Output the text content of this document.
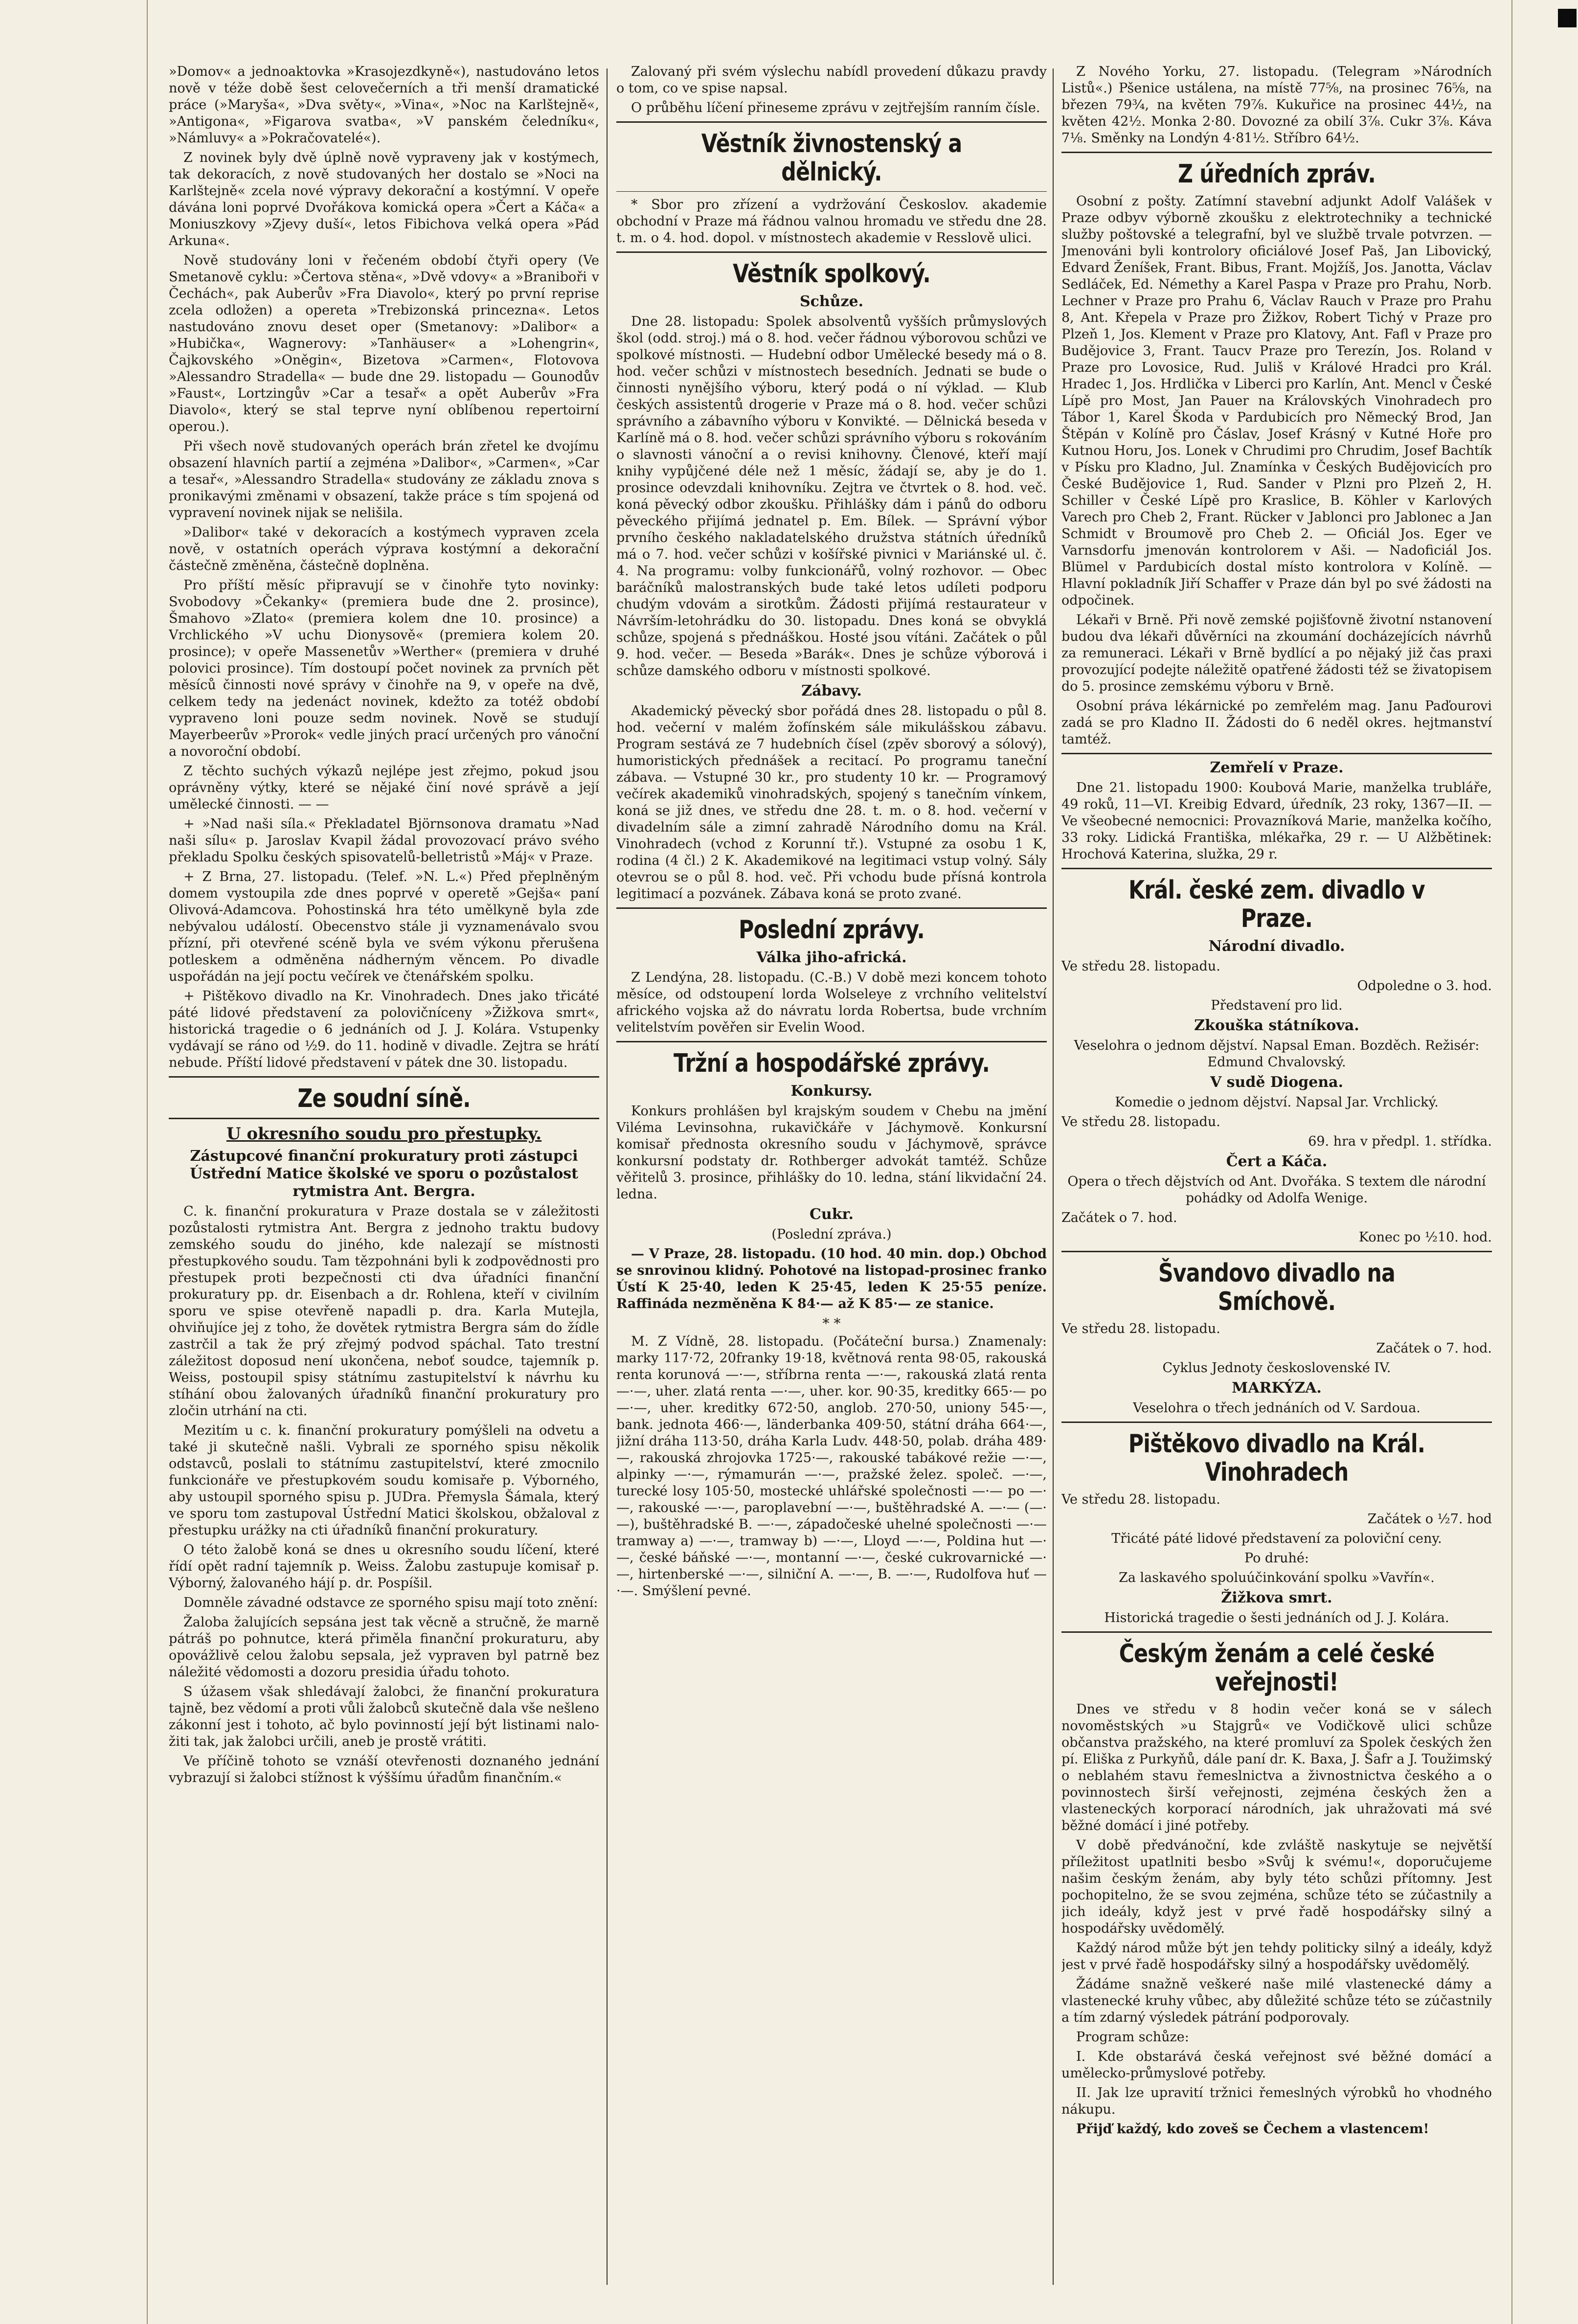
»Domov« a jednoaktovka »Krasojezdkyně«), nastudováno letos nově v téže době šest celovečerních a tři menší dramatické práce (»Maryša«, »Dva světy«, »Vina«, »Noc na Karlštejně«, »Antigona«, »Figarova svatba«, »V panském čeledníku«, »Námluvy« a »Pokračovatelé«).

Z novinek byly dvě úplně nově vypraveny jak v kostýmech, tak dekoracích, z nově studovaných her dostalo se »Noci na Karlštejně« zcela nové výpravy dekorační a kostýmní. V opeře dávána loni poprvé Dvořákova komická opera »Čert a Káča« a Moniuszkovy »Zjevy duší«, letos Fibichova velká opera »Pád Arkuna«.

Nově studovány loni v řečeném období čtyři opery (Ve Smetanově cyklu: »Čertova stěna«, »Dvě vdovy« a »Braniboři v Čechách«, pak Auberův »Fra Diavolo«, který po první reprise zcela odložen) a opereta »Trebizonská princezna«. Letos nastudováno znovu deset oper (Smetanovy: »Dalibor« a »Hubička«, Wagnerovy: »Tanhäuser« a »Lohengrin«, Čajkovského »Oněgin«, Bizetova »Carmen«, Flotovova »Alessandro Stradella« — bude dne 29. listopadu — Gounodův »Faust«, Lortzingův »Car a tesař« a opět Auberův »Fra Diavolo«, který se stal teprve nyní oblíbenou repertoirní operou.).

Při všech nově studovaných operách brán zřetel ke dvojímu obsazení hlavních partií a zejména »Dalibor«, »Carmen«, »Car a tesař«, »Alessandro Stradella« studovány ze základu znova s pronikavými změnami v obsazení, takže práce s tím spojená od vypravení novinek nijak se nelišila.

»Dalibor« také v dekoracích a kostýmech vypraven zcela nově, v ostatních operách výprava kostýmní a dekorační částečně změněna, částečně doplněna.

Pro příští měsíc připravují se v činohře tyto novinky: Svobodovy »Čekanky« (premiera bude dne 2. prosince), Šmahovo »Zlato« (premiera kolem dne 10. prosince) a Vrchlického »V uchu Dionysově« (premiera kolem 20. prosince); v opeře Massenetův »Werther« (premiera v druhé polovici prosince). Tím dostoupí počet novinek za prvních pět měsíců činnosti nové správy v činohře na 9, v opeře na dvě, celkem tedy na jedenáct novinek, kdežto za totéž období vypraveno loni pouze sedm novinek. Nově se studují Mayerbeerův »Prorok« vedle jiných prací určených pro vánoční a novoroční období.

Z těchto suchých výkazů nejlépe jest zřejmo, pokud jsou oprávněny výtky, které se nějaké činí nové správě a její umělecké činnosti. — —

+ »Nad naši síla.« Překladatel Björnsonova dramatu »Nad naši sílu« p. Jaroslav Kvapil žádal provozovací právo svého překladu Spolku českých spisovatelů-belletristů »Máj« v Praze.

+ Z Brna, 27. listopadu. (Telef. »N. L.«) Před přeplněným domem vystoupila zde dnes poprvé v operetě »Gejša« paní Olivová-Adamcova. Pohostinská hra této umělkyně byla zde nebývalou událostí. Obecenstvo stále ji vyznamenávalo svou přízní, při otevřené scéně byla ve svém výkonu přerušena potleskem a odměněna nádherným věncem. Po divadle uspořádán na její poctu večírek ve čtenářském spolku.

+ Pištěkovo divadlo na Kr. Vinohradech. Dnes jako třicáté páté lidové představení za polovičníceny »Žižkova smrt«, historická tragedie o 6 jednáních od J. J. Kolára. Vstupenky vydávají se ráno od ½9. do 11. hodině v divadle. Zejtra se hrátí nebude. Příští lidové představení v pátek dne 30. listopadu.

Ze soudní síně.
U okresního soudu pro přestupky.
Zástupcové finanční prokuratury proti zástupci Ústřední Matice školské ve sporu o pozůstalost rytmistra Ant. Bergra.

C. k. finanční prokuratura v Praze dostala se v záležitosti pozůstalosti rytmistra Ant. Bergra z jednoho traktu budovy zemského soudu do jiného, kde nalezají se místnosti přestupkového soudu. Tam tězpohnáni byli k zodpovědnosti pro přestupek proti bezpečnosti cti dva úřadníci finanční prokuratury pp. dr. Eisenbach a dr. Rohlena, kteří v civilním sporu ve spise otevřeně napadli p. dra. Karla Mutejla, ohviňujíce jej z toho, že dovětek rytmistra Bergra sám do žídle zastrčil a tak že prý zřejmý podvod spáchal. Tato trestní záležitost doposud není ukončena, neboť soudce, tajemník p. Weiss, postoupil spisy státnímu zastupitelství k návrhu ku stíhání obou žalovaných úřadníků finanční prokuratury pro zločin utrhání na cti.

Mezitím u c. k. finanční prokuratury pomýšleli na odvetu a také ji skutečně našli. Vybrali ze sporného spisu několik odstavců, poslali to státnímu zastupitelství, které zmocnilo funkcionáře ve přestupkovém soudu komisaře p. Výborného, aby ustoupil sporného spisu p. JUDra. Přemysla Šámala, který ve sporu tom zastupoval Ústřední Matici školskou, obžaloval z přestupku urážky na cti úřadníků finanční prokuratury.

O této žalobě koná se dnes u okresního soudu líčení, které řídí opět radní tajemník p. Weiss. Žalobu zastupuje komisař p. Výborný, žalovaného hájí p. dr. Pospíšil.

Domněle závadné odstavce ze sporného spisu mají toto znění:

Žaloba žalujících sepsána jest tak věcně a stručně, že marně pátráš po pohnutce, která přiměla finanční prokuraturu, aby opovážlivě celou žalobu sepsala, jež vypraven byl patrně bez náležité vědomosti a dozoru presidia úřadu tohoto.

S úžasem však shledávají žalobci, že finanční prokuratura tajně, bez vědomí a proti vůli žalobců skutečně dala vše nešleno zákonní jest i tohoto, ač bylo povinností její být listinami naložiti tak, jak žalobci určili, aneb je prostě vrátiti.

Ve příčině tohoto se vznáší otevřenosti doznaného jednání vybrazují si žalobci stížnost k výššímu úřadům finančním.«

Zalovaný při svém výslechu nabídl provedení důkazu pravdy o tom, co ve spise napsal.

O průběhu líčení přineseme zprávu v zejtřejším ranním čísle.

Věstník živnostenský a dělnický.

* Sbor pro zřízení a vydržování Českoslov. akademie obchodní v Praze má řádnou valnou hromadu ve středu dne 28. t. m. o 4. hod. dopol. v místnostech akademie v Resslově ulici.

Věstník spolkový.
Schůze.

Dne 28. listopadu: Spolek absolventů vyšších průmyslových škol (odd. stroj.) má o 8. hod. večer řádnou výborovou schůzi ve spolkové místnosti. — Hudební odbor Umělecké besedy má o 8. hod. večer schůzi v místnostech besedních. Jednati se bude o činnosti nynějšího výboru, který podá o ní výklad. — Klub českých assistentů drogerie v Praze má o 8. hod. večer schůzi správního a zábavního výboru v Konvikté. — Dělnická beseda v Karlíně má o 8. hod. večer schůzi správního výboru s rokováním o slavnosti vánoční a o revisi knihovny. Členové, kteří mají knihy vypůjčené déle než 1 měsíc, žádají se, aby je do 1. prosince odevzdali knihovníku. Zejtra ve čtvrtek o 8. hod. več. koná pěvecký odbor zkoušku. Přihlášky dám i pánů do odboru pěveckého přijímá jednatel p. Em. Bílek. — Správní výbor prvního českého nakladatelského družstva státních úředníků má o 7. hod. večer schůzi v košířské pivnici v Mariánské ul. č. 4. Na programu: volby funkcionářů, volný rozhovor. — Obec baráčníků malostranských bude také letos udíleti podporu chudým vdovám a sirotkům. Žádosti přijímá restaurateur v Návrším-letohrádku do 30. listopadu. Dnes koná se obvyklá schůze, spojená s přednáškou. Hosté jsou vítáni. Začátek o půl 9. hod. večer. — Beseda »Barák«. Dnes je schůze výborová i schůze damského odboru v místnosti spolkové.

Zábavy.

Akademický pěvecký sbor pořádá dnes 28. listopadu o půl 8. hod. večerní v malém žofínském sále mikulášskou zábavu. Program sestává ze 7 hudebních čísel (zpěv sborový a sólový), humoristických přednášek a recitací. Po programu taneční zábava. — Vstupné 30 kr., pro studenty 10 kr. — Programový večírek akademiků vinohradských, spojený s tanečním vínkem, koná se již dnes, ve středu dne 28. t. m. o 8. hod. večerní v divadelním sále a zimní zahradě Národního domu na Král. Vinohradech (vchod z Korunní tř.). Vstupné za osobu 1 K, rodina (4 čl.) 2 K. Akademikové na legitimaci vstup volný. Sály otevrou se o půl 8. hod. več. Při vchodu bude přísná kontrola legitimací a pozvánek. Zábava koná se proto zvané.

Poslední zprávy.
Válka jiho-africká.

Z Lendýna, 28. listopadu. (C.-B.) V době mezi koncem tohoto měsíce, od odstoupení lorda Wolseleye z vrchního velitelství afrického vojska až do návratu lorda Robertsa, bude vrchním velitelstvím pověřen sir Evelin Wood.

Tržní a hospodářské zprávy.
Konkursy.

Konkurs prohlášen byl krajským soudem v Chebu na jmění Viléma Levinsohna, rukavičkáře v Jáchymově. Konkursní komisař přednosta okresního soudu v Jáchymově, správce konkursní podstaty dr. Rothberger advokát tamtéž. Schůze věřitelů 3. prosince, přihlášky do 10. ledna, stání likvidační 24. ledna.

Cukr.

(Poslední zpráva.)

— V Praze, 28. listopadu. (10 hod. 40 min. dop.) Obchod se snrovinou klidný. Pohotové na listopad-prosinec franko Ústí K 25·40, leden K 25·45, leden K 25·55 peníze. Raffináda nezměněna K 84·— až K 85·— ze stanice.

* *

M. Z Vídně, 28. listopadu. (Počáteční bursa.) Znamenaly: marky 117·72, 20franky 19·18, květnová renta 98·05, rakouská renta korunová —·—, stříbrna renta —·—, rakouská zlatá renta —·—, uher. zlatá renta —·—, uher. kor. 90·35, kreditky 665·— po —·—, uher. kreditky 672·50, anglob. 270·50, uniony 545·—, bank. jednota 466·—, länderbanka 409·50, státní dráha 664·—, jižní dráha 113·50, dráha Karla Ludv. 448·50, polab. dráha 489·—, rakouská zhrojovka 1725·—, rakouské tabákové režie —·—, alpinky —·—, rýmamurán —·—, pražské želez. společ. —·—, turecké losy 105·50, mostecké uhlářské společnosti —·— po —·—, rakouské —·—, paroplavební —·—, buštěhradské A. —·— (—·—), buštěhradské B. —·—, západočeské uhelné společnosti —·— tramway a) —·—, tramway b) —·—, Lloyd —·—, Poldina hut —·—, české báňské —·—, montanní —·—, české cukrovarnické —·—, hirtenberské —·—, silniční A. —·—, B. —·—, Rudolfova huť —·—. Smýšlení pevné.

Z Nového Yorku, 27. listopadu. (Telegram »Národních Listů«.) Pšenice ustálena, na místě 77⅝, na prosinec 76⅝, na březen 79¾, na květen 79⅞. Kukuřice na prosinec 44½, na květen 42½. Monka 2·80. Dovozné za obilí 3⅞. Cukr 3⅞. Káva 7⅛. Směnky na Londýn 4·81½. Stříbro 64½.

Z úředních zpráv.

Osobní z pošty. Zatímní stavební adjunkt Adolf Valášek v Praze odbyv výborně zkoušku z elektrotechniky a technické služby poštovské a telegrafní, byl ve službě trvale potvrzen. — Jmenováni byli kontrolory oficiálové Josef Paš, Jan Libovický, Edvard Ženíšek, Frant. Bibus, Frant. Mojžíš, Jos. Janotta, Václav Sedláček, Ed. Némethy a Karel Paspa v Praze pro Prahu, Norb. Lechner v Praze pro Prahu 6, Václav Rauch v Praze pro Prahu 8, Ant. Křepela v Praze pro Žižkov, Robert Tichý v Praze pro Plzeň 1, Jos. Klement v Praze pro Klatovy, Ant. Fafl v Praze pro Budějovice 3, Frant. Taucv Praze pro Terezín, Jos. Roland v Praze pro Lovosice, Rud. Juliš v Králové Hradci pro Král. Hradec 1, Jos. Hrdlička v Liberci pro Karlín, Ant. Mencl v České Lípě pro Most, Jan Pauer na Královských Vinohradech pro Tábor 1, Karel Škoda v Pardubicích pro Německý Brod, Jan Štěpán v Kolíně pro Čáslav, Josef Krásný v Kutné Hoře pro Kutnou Horu, Jos. Lonek v Chrudimi pro Chrudim, Josef Bachtík v Písku pro Kladno, Jul. Znamínka v Českých Budějovicích pro České Budějovice 1, Rud. Sander v Plzni pro Plzeň 2, H. Schiller v České Lípě pro Kraslice, B. Köhler v Karlových Varech pro Cheb 2, Frant. Rücker v Jablonci pro Jablonec a Jan Schmidt v Broumově pro Cheb 2. — Oficiál Jos. Eger ve Varnsdorfu jmenován kontrolorem v Aši. — Nadoficiál Jos. Blümel v Pardubicích dostal místo kontrolora v Kolíně. — Hlavní pokladník Jiří Schaffer v Praze dán byl po své žádosti na odpočinek.

Lékaři v Brně. Při nově zemské pojišťovně životní nstanovení budou dva lékaři důvěrníci na zkoumání docházejících návrhů za remuneraci. Lékaři v Brně bydlící a po nějaký již čas praxi provozující podejte náležitě opatřené žádosti též se živatopisem do 5. prosince zemskému výboru v Brně.

Osobní práva lékárnické po zemřelém mag. Janu Paďourovi zadá se pro Kladno II. Žádosti do 6 neděl okres. hejtmanství tamtéž.

Zemřelí v Praze.

Dne 21. listopadu 1900: Koubová Marie, manželka trubláře, 49 roků, 11—VI. Kreibig Edvard, úředník, 23 roky, 1367—II. — Ve všeobecné nemocnici: Provazníková Marie, manželka kočího, 33 roky. Lidická Františka, mlékařka, 29 r. — U Alžbětinek: Hrochová Katerina, služka, 29 r.

Král. české zem. divadlo v Praze.
Národní divadlo.

Ve středu 28. listopadu.

Odpoledne o 3. hod.

Představení pro lid.

Zkouška státníkova.

Veselohra o jednom dějství. Napsal Eman. Bozděch. Režisér: Edmund Chvalovský.

V sudě Diogena.

Komedie o jednom dějství. Napsal Jar. Vrchlický.

Ve středu 28. listopadu.

69. hra v předpl. 1. střídka.

Čert a Káča.

Opera o třech dějstvích od Ant. Dvořáka. S textem dle národní pohádky od Adolfa Wenige.

Začátek o 7. hod.

Konec po ½10. hod.

Švandovo divadlo na Smíchově.

Ve středu 28. listopadu.

Začátek o 7. hod.

Cyklus Jednoty československé IV.

MARKÝZA.

Veselohra o třech jednáních od V. Sardoua.

Pištěkovo divadlo na Král. Vinohradech

Ve středu 28. listopadu.

Začátek o ½7. hod

Třicáté páté lidové představení za poloviční ceny.

Po druhé:

Za laskavého spoluúčinkování spolku »Vavřín«.

Žižkova smrt.

Historická tragedie o šesti jednáních od J. J. Kolára.

Českým ženám a celé české veřejnosti!

Dnes ve středu v 8 hodin večer koná se v sálech novoměstských »u Stajgrů« ve Vodičkově ulici schůze občanstva pražského, na které promluví za Spolek českých žen pí. Eliška z Purkyňů, dále paní dr. K. Baxa, J. Šafr a J. Toužimský o neblahém stavu řemeslnictva a živnostnictva českého a o povinnostech širší veřejnosti, zejména českých žen a vlasteneckých korporací národních, jak uhražovati má své běžné domácí i jiné potřeby.

V době předvánoční, kde zvláště naskytuje se největší příležitost upatlniti besbo »Svůj k svému!«, doporučujeme našim českým ženám, aby byly této schůzi přítomny. Jest pochopitelno, že se svou zejména, schůze této se zúčastnily a jich ideály, když jest v prvé řadě hospodářsky silný a hospodářsky uvědomělý.

Každý národ může být jen tehdy politicky silný a ideály, když jest v prvé řadě hospodářsky silný a hospodářsky uvědomělý.

Žádáme snažně veškeré naše milé vlastenecké dámy a vlastenecké kruhy vůbec, aby důležité schůze této se zúčastnily a tím zdarný výsledek pátrání podporovaly.

Program schůze:

I. Kde obstarává česká veřejnost své běžné domácí a umělecko-průmyslové potřeby.

II. Jak lze upravití tržnici řemeslných výrobků ho vhodného nákupu.

Přijď každý, kdo zoveš se Čechem a vlastencem!
